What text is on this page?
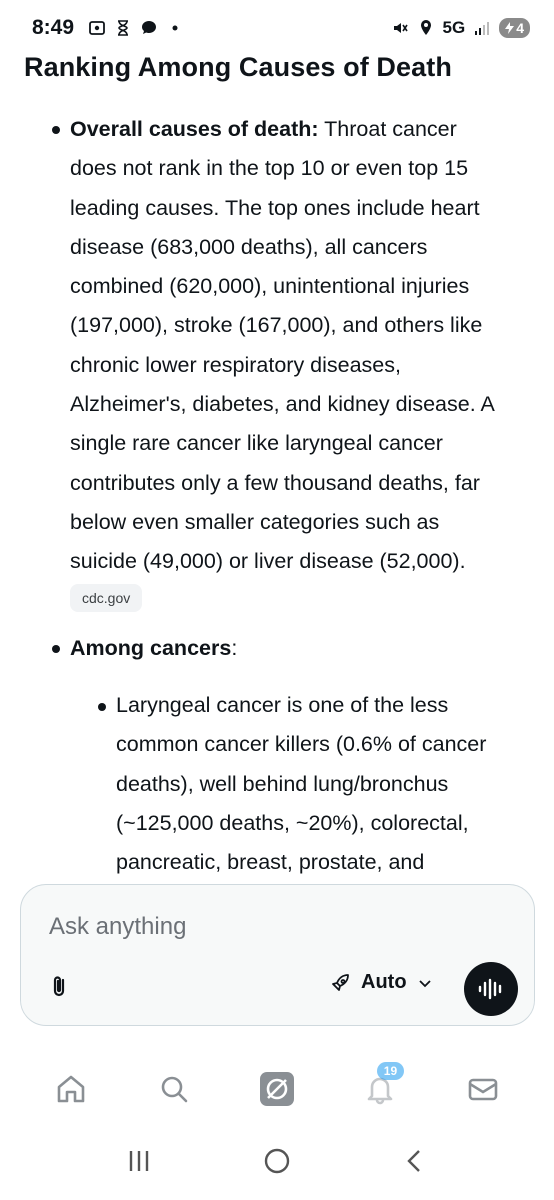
8:49	5G	4
Ranking Among Causes of Death
Overall causes of death: Throat cancer
does not rank in the top 10 or even top 15
leading causes. The top ones include heart
disease (683,000 deaths), all cancers
combined (620,000), unintentional injuries
(197,000), stroke (167,000), and others like
chronic lower respiratory diseases,
Alzheimer's, diabetes, and kidney disease. A
single rare cancer like laryngeal cancer
contributes only a few thousand deaths, far
below even smaller categories such as
suicide (49,000) or liver disease (52,000).
cdc.gov
Among cancers:
Laryngeal cancer is one of the less
common cancer killers (0.6% of cancer
deaths), well behind lung/bronchus
(~125,000 deaths, ~20%), colorectal,
pancreatic, breast, prostate, and
Ask anything
Auto
19
